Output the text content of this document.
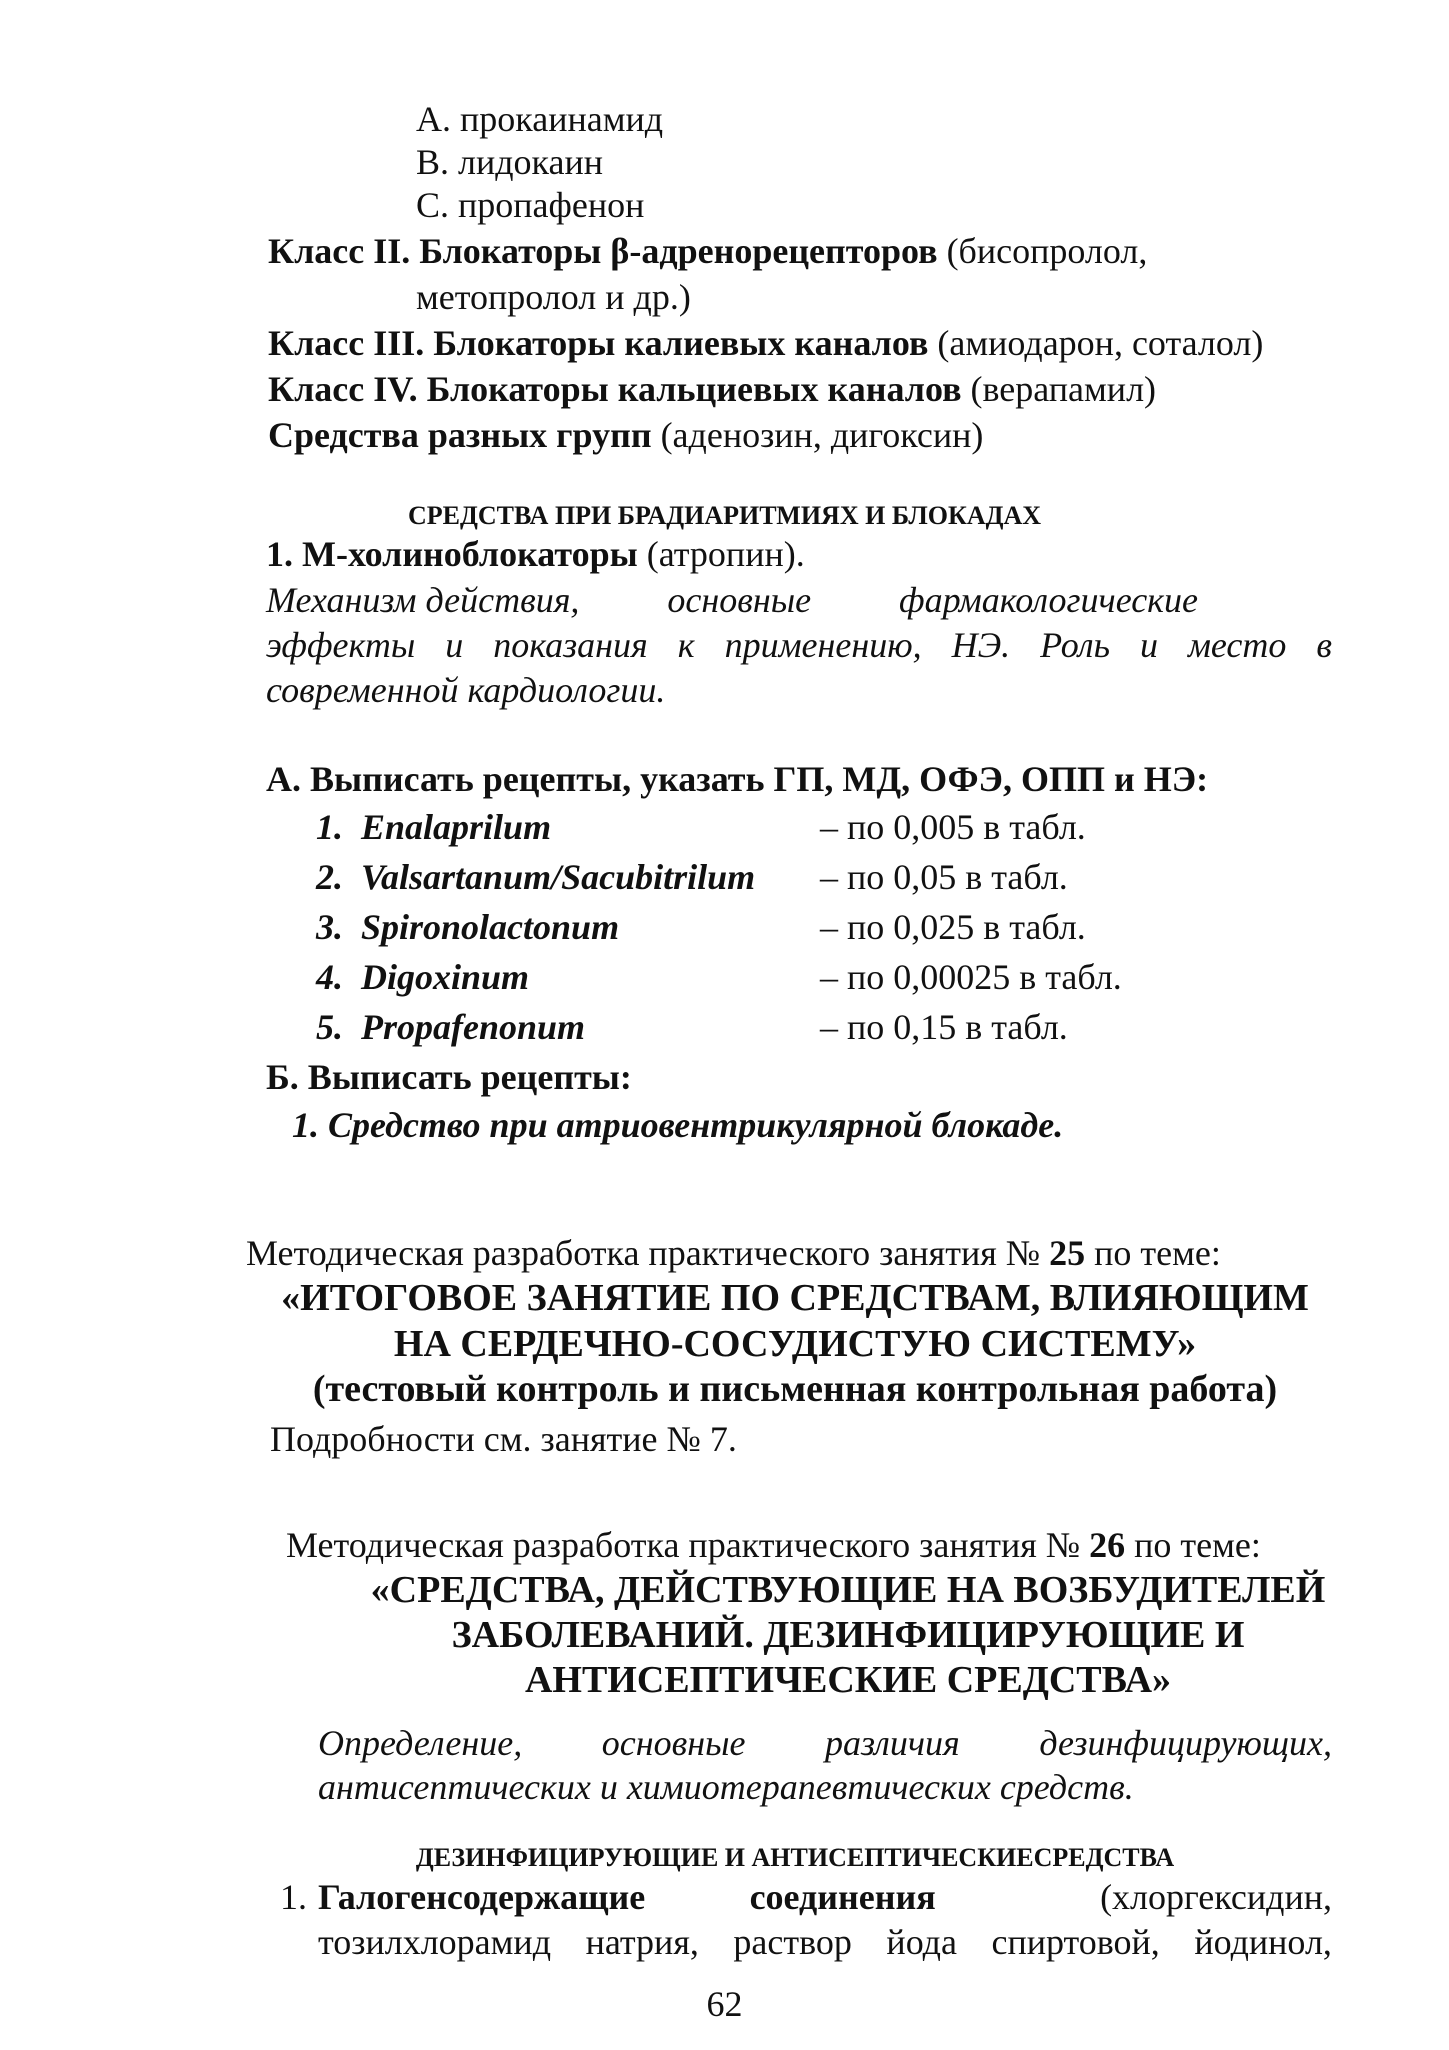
A. прокаинамид
B. лидокаин
C. пропафенон
Класс II. Блокаторы β-адренорецепторов (бисопролол,
метопролол и др.)
Класс III. Блокаторы калиевых каналов (амиодарон, соталол)
Класс IV. Блокаторы кальциевых каналов (верапамил)
Средства разных групп (аденозин, дигоксин)
СРЕДСТВА ПРИ БРАДИАРИТМИЯХ И БЛОКАДАХ
1. М-холиноблокаторы (атропин).
Механизм действия, основные фармакологические
эффекты и показания к применению, НЭ. Роль и место в
современной кардиологии.
А. Выписать рецепты, указать ГП, МД, ОФЭ, ОПП и НЭ:
1. Enalaprilum	– по 0,005 в табл.
2. Valsartanum/Sacubitrilum – по 0,05 в табл.
3. Spironolactonum	– по 0,025 в табл.
4. Digoxinum	– по 0,00025 в табл.
5. Propafenonum	– по 0,15 в табл.
Б. Выписать рецепты:
1. Средство при атриовентрикулярной блокаде.
Методическая разработка практического занятия № 25 по теме:
«ИТОГОВОЕ ЗАНЯТИЕ ПО СРЕДСТВАМ, ВЛИЯЮЩИМ
НА СЕРДЕЧНО-СОСУДИСТУЮ СИСТЕМУ»
(тестовый контроль и письменная контрольная работа)
Подробности см. занятие № 7.
Методическая разработка практического занятия № 26 по теме:
«СРЕДСТВА, ДЕЙСТВУЮЩИЕ НА ВОЗБУДИТЕЛЕЙ
ЗАБОЛЕВАНИЙ. ДЕЗИНФИЦИРУЮЩИЕ И
АНТИСЕПТИЧЕСКИЕ СРЕДСТВА»
Определение, основные различия дезинфицирующих,
антисептических и химиотерапевтических средств.
ДЕЗИНФИЦИРУЮЩИЕ И АНТИСЕПТИЧЕСКИЕСРЕДСТВА
1. Галогенсодержащие	соединения	(хлоргексидин,
тозилхлорамид натрия, раствор йода спиртовой, йодинол,
62
